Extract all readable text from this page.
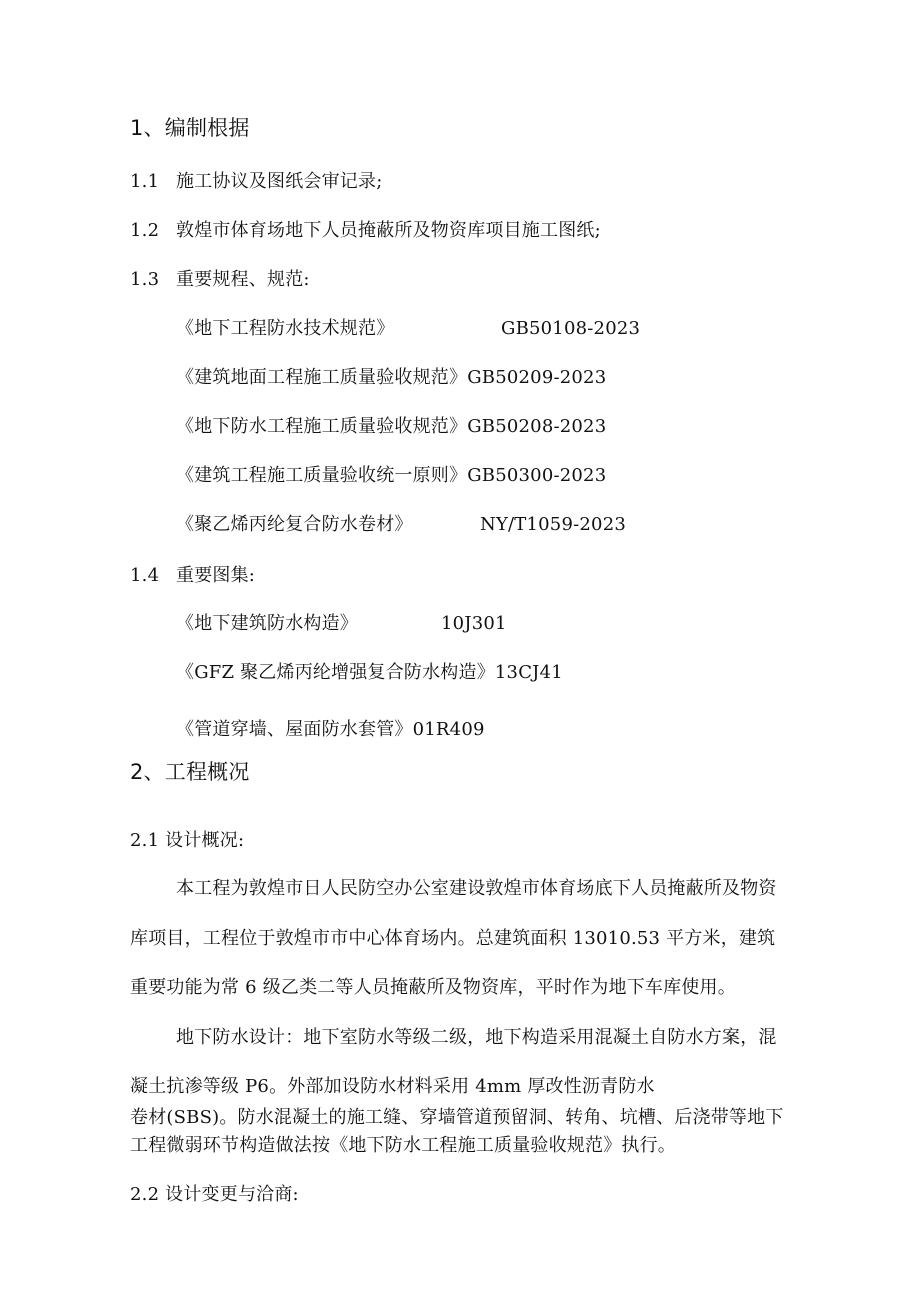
1、编制根据
1.1 施工协议及图纸会审记录;
1.2 敦煌市体育场地下人员掩蔽所及物资库项目施工图纸;
1.3 重要规程、规范:
《地下工程防水技术规范》	GB50108-2023
《建筑地面工程施工质量验收规范》GB50209-2023
《地下防水工程施工质量验收规范》GB50208-2023
《建筑工程施工质量验收统一原则》GB50300-2023
《聚乙烯丙纶复合防水卷材》	NY/T1059-2023
1.4 重要图集:
《地下建筑防水构造》	10J301
《GFZ 聚乙烯丙纶增强复合防水构造》13CJ41
《管道穿墙、屋面防水套管》01R409
2、工程概况
2.1 设计概况:
本工程为敦煌市日人民防空办公室建设敦煌市体育场底下人员掩蔽所及物资
库项目，工程位于敦煌市市中心体育场内。总建筑面积 13010.53 平方米，建筑
重要功能为常 6 级乙类二等人员掩蔽所及物资库，平时作为地下车库使用。
地下防水设计：地下室防水等级二级，地下构造采用混凝土自防水方案，混
凝土抗渗等级 P6。外部加设防水材料采用 4mm 厚改性沥青防水
卷材(SBS)。防水混凝土的施工缝、穿墙管道预留洞、转角、坑槽、后浇带等地下
工程微弱环节构造做法按《地下防水工程施工质量验收规范》执行。
2.2 设计变更与洽商:
